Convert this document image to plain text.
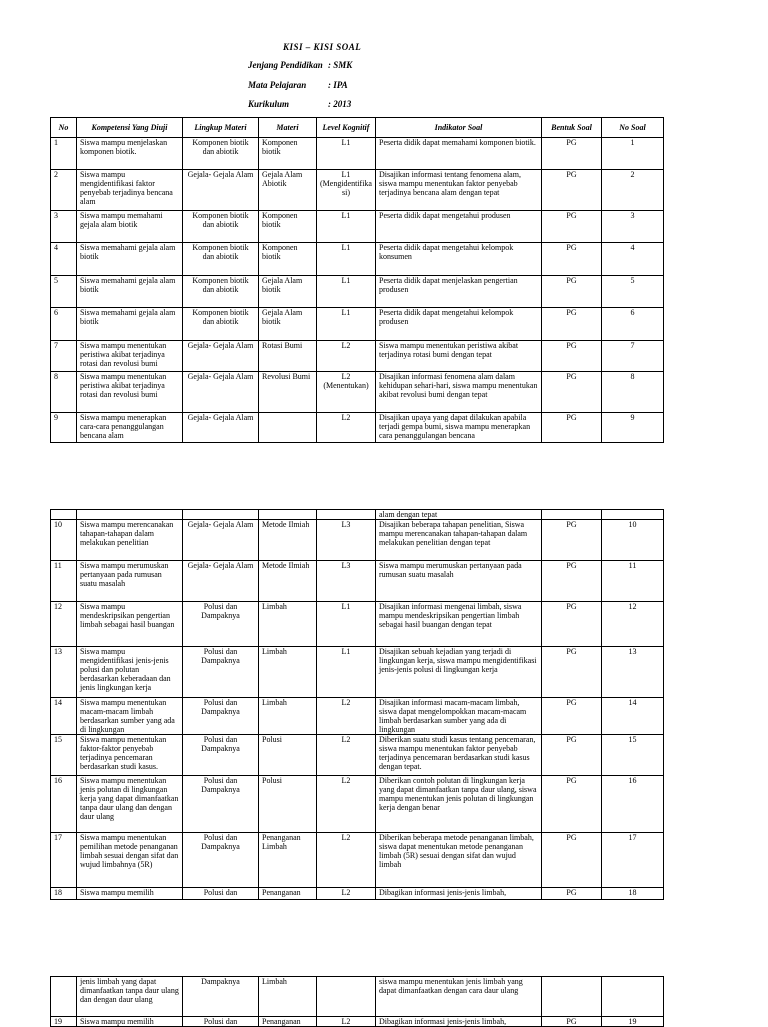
KISI – KISI SOAL
Jenjang Pendidikan : SMK
Mata Pelajaran : IPA
Kurikulum	: 2013
No	Kompetensi Yang Diuji	Lingkup Materi	Materi	Level Kognitif	Indikator Soal	Bentuk Soal	No Soal
1	Siswa mampu menjelaskan komponen biotik.	Komponen biotik dan abiotik	Komponen biotik	L1	Peserta didik dapat memahami komponen biotik.	PG	1
2	Siswa mampu mengidentifikasi faktor penyebab terjadinya bencana alam	Gejala- Gejala Alam	Gejala Alam Abiotik	L1 (Mengidentifikasi)	Disajikan informasi tentang fenomena alam, siswa mampu menentukan faktor penyebab terjadinya bencana alam dengan tepat	PG	2
3	Siswa mampu memahami gejala alam biotik	Komponen biotik dan abiotik	Komponen biotik	L1	Peserta didik dapat mengetahui produsen	PG	3
4	Siswa memahami gejala alam biotik	Komponen biotik dan abiotik	Komponen biotik	L1	Peserta didik dapat mengetahui kelompok konsumen	PG	4
5	Siswa memahami gejala alam biotik	Komponen biotik dan abiotik	Gejala Alam biotik	L1	Peserta didik dapat menjelaskan pengertian produsen	PG	5
6	Siswa memahami gejala alam biotik	Komponen biotik dan abiotik	Gejala Alam biotik	L1	Peserta didik dapat mengetahui kelompok produsen	PG	6
7	Siswa mampu menentukan peristiwa akibat terjadinya rotasi dan revolusi bumi	Gejala- Gejala Alam	Rotasi Bumi	L2	Siswa mampu menentukan peristiwa akibat terjadinya rotasi bumi dengan tepat	PG	7
8	Siswa mampu menentukan peristiwa akibat terjadinya rotasi dan revolusi bumi	Gejala- Gejala Alam	Revolusi Bumi	L2 (Menentukan)	Disajikan informasi fenomena alam dalam kehidupan sehari-hari, siswa mampu menentukan akibat revolusi bumi dengan tepat	PG	8
9	Siswa mampu menerapkan cara-cara penanggulangan bencana alam	Gejala- Gejala Alam		L2	Disajikan upaya yang dapat dilakukan apabila terjadi gempa bumi, siswa mampu menerapkan cara penanggulangan bencana	PG	9
					alam dengan tepat		
10	Siswa mampu merencanakan tahapan-tahapan dalam melakukan penelitian	Gejala- Gejala Alam	Metode Ilmiah	L3	Disajikan beberapa tahapan penelitian, Siswa mampu merencanakan tahapan-tahapan dalam melakukan penelitian dengan tepat	PG	10
11	Siswa mampu merumuskan pertanyaan pada rumusan suatu masalah	Gejala- Gejala Alam	Metode Ilmiah	L3	Siswa mampu merumuskan pertanyaan pada rumusan suatu masalah	PG	11
12	Siswa mampu mendeskripsikan pengertian limbah sebagai hasil buangan	Polusi dan Dampaknya	Limbah	L1	Disajikan informasi mengenai limbah, siswa mampu mendeskripsikan pengertian limbah sebagai hasil buangan dengan tepat	PG	12
13	Siswa mampu mengidentifikasi jenis-jenis polusi dan polutan berdasarkan keberadaan dan jenis lingkungan kerja	Polusi dan Dampaknya	Limbah	L1	Disajikan sebuah kejadian yang terjadi di lingkungan kerja, siswa mampu mengidentifikasi jenis-jenis polusi di lingkungan kerja	PG	13
14	Siswa mampu menentukan macam-macam limbah berdasarkan sumber yang ada di lingkungan	Polusi dan Dampaknya	Limbah	L2	Disajikan informasi macam-macam limbah, siswa dapat mengelompokkan macam-macam limbah berdasarkan sumber yang ada di lingkungan	PG	14
15	Siswa mampu menentukan faktor-faktor penyebab terjadinya pencemaran berdasarkan studi kasus.	Polusi dan Dampaknya	Polusi	L2	Diberikan suatu studi kasus tentang pencemaran, siswa mampu menentukan faktor penyebab terjadinya pencemaran berdasarkan studi kasus dengan tepat.	PG	15
16	Siswa mampu menentukan jenis polutan di lingkungan kerja yang dapat dimanfaatkan tanpa daur ulang dan dengan daur ulang	Polusi dan Dampaknya	Polusi	L2	Diberikan contoh polutan di lingkungan kerja yang dapat dimanfaatkan tanpa daur ulang, siswa mampu menentukan jenis polutan di lingkungan kerja dengan benar	PG	16
17	Siswa mampu menentukan pemilihan metode penanganan limbah sesuai dengan sifat dan wujud limbahnya (5R)	Polusi dan Dampaknya	Penanganan Limbah	L2	Diberikan beberapa metode penanganan limbah, siswa dapat menentukan metode penanganan limbah (5R) sesuai dengan sifat dan wujud limbah	PG	17
18	Siswa mampu memilih	Polusi dan	Penanganan	L2	Dibagikan informasi jenis-jenis limbah,	PG	18
	jenis limbah yang dapat dimanfaatkan tanpa daur ulang dan dengan daur ulang	Dampaknya	Limbah		siswa mampu menentukan jenis limbah yang dapat dimanfaatkan dengan cara daur ulang		
19	Siswa mampu memilih	Polusi dan	Penanganan	L2	Dibagikan informasi jenis-jenis limbah,	PG	19
